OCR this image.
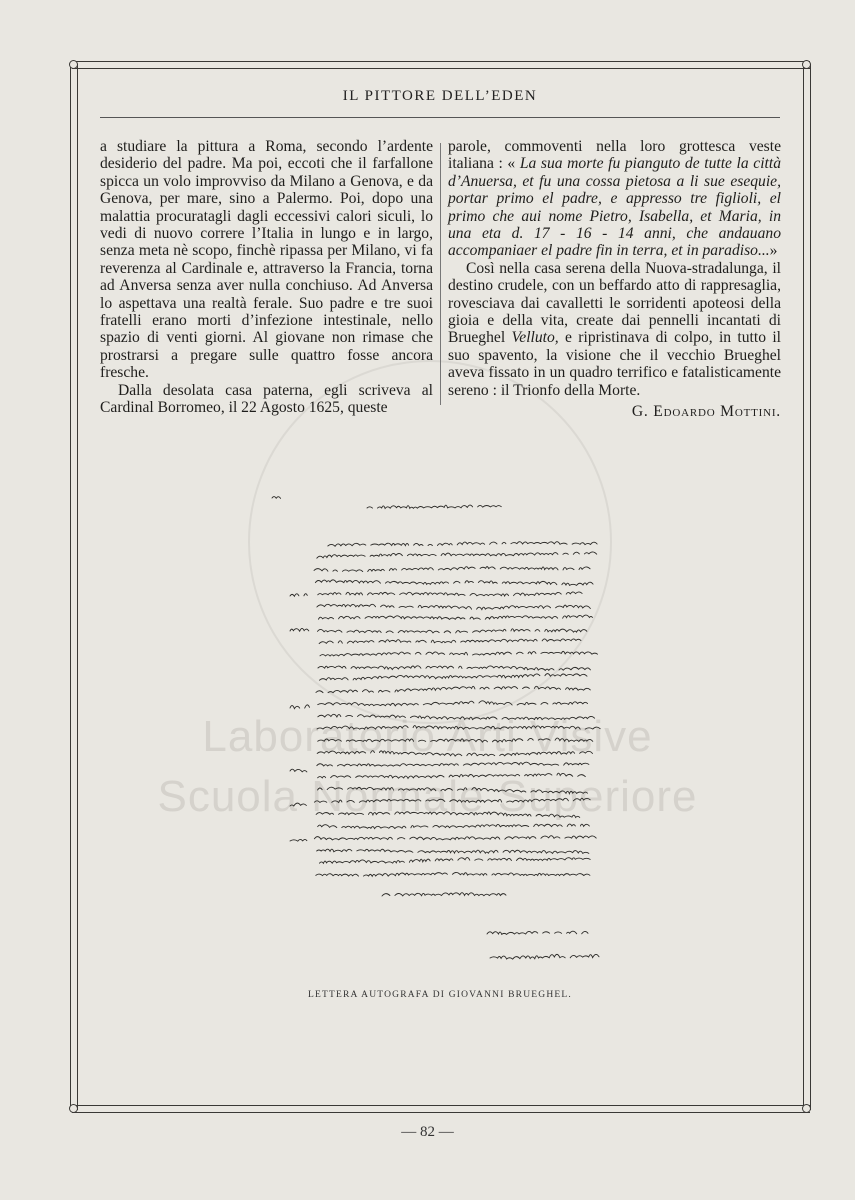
Laboratorio Arti Visive
Scuola Normale Superiore
IL PITTORE DELL’EDEN

a studiare la pittura a Roma, secondo l’ardente desiderio del padre. Ma poi, eccoti che il farfallone spicca un volo improvviso da Milano a Genova, e da Genova, per mare, sino a Palermo. Poi, dopo una malattia procuratagli dagli eccessivi calori siculi, lo vedi di nuovo correre l’Italia in lungo e in largo, senza meta nè scopo, finchè ripassa per Milano, vi fa reverenza al Cardinale e, attraverso la Francia, torna ad Anversa senza aver nulla conchiuso. Ad Anversa lo aspettava una realtà ferale. Suo padre e tre suoi fratelli erano morti d’infezione intestinale, nello spazio di venti giorni. Al giovane non rimase che prostrarsi a pregare sulle quattro fosse ancora fresche.

Dalla desolata casa paterna, egli scriveva al Cardinal Borromeo, il 22 Agosto 1625, queste

parole, commoventi nella loro grottesca veste italiana : « La sua morte fu pianguto de tutte la città d’Anuersa, et fu una cossa pietosa a li sue esequie, portar primo el padre, e appresso tre figlioli, el primo che aui nome Pietro, Isabella, et Maria, in una eta d. 17 - 16 - 14 anni, che andauano accompaniaer el padre fin in terra, et in paradiso...»

Così nella casa serena della Nuova-stradalunga, il destino crudele, con un beffardo atto di rappresaglia, rovesciava dai cavalletti le sorridenti apoteosi della gioia e della vita, create dai pennelli incantati di Brueghel Velluto, e ripristinava di colpo, in tutto il suo spavento, la visione che il vecchio Brueghel aveva fissato in un quadro terrifico e fatalisticamente sereno : il Trionfo della Morte.

G. Edoardo Mottini.
LETTERA AUTOGRAFA DI GIOVANNI BRUEGHEL.
— 82 —
